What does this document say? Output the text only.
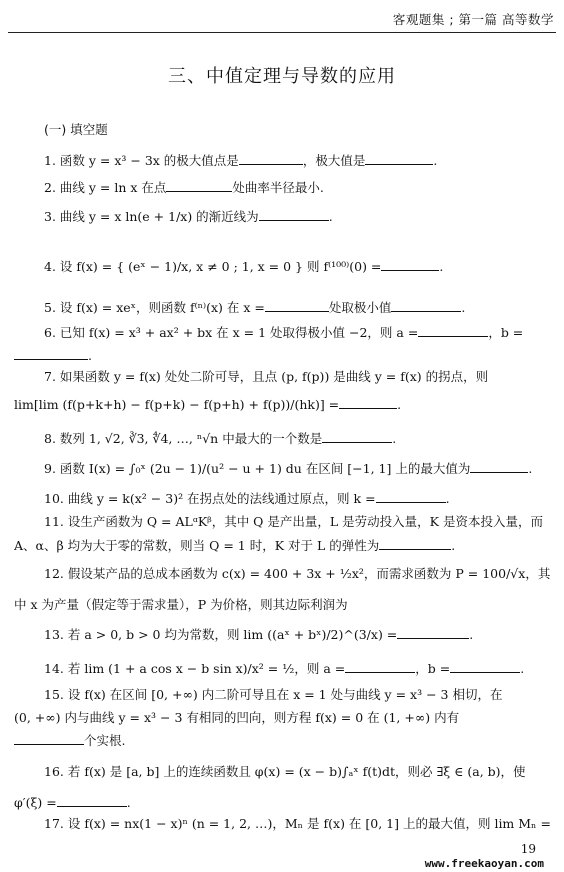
客观题集 ; 第一篇 高等数学
三、中值定理与导数的应用
(一) 填空题
1. 函数 y = x³ − 3x 的极大值点是	，极大值是	.
2. 曲线 y = ln x 在点	处曲率半径最小.
3. 曲线 y = x ln(e + 1/x) 的渐近线为	.
4. 设 f(x) = { (eˣ − 1)/x, x ≠ 0 ; 1, x = 0 } 则 f⁽¹⁰⁰⁾(0) =	.
5. 设 f(x) = xeˣ，则函数 f⁽ⁿ⁾(x) 在 x =	处取极小值	.
6. 已知 f(x) = x³ + ax² + bx 在 x = 1 处取得极小值 −2，则 a =	，b =
.
7. 如果函数 y = f(x) 处处二阶可导，且点 (p, f(p)) 是曲线 y = f(x) 的拐点，则
lim[lim (f(p+k+h) − f(p+k) − f(p+h) + f(p))/(hk)] =	.
8. 数列 1, √2, ∛3, ∜4, …, ⁿ√n 中最大的一个数是	.
9. 函数 I(x) = ∫₀ˣ (2u − 1)/(u² − u + 1) du 在区间 [−1, 1] 上的最大值为	.
10. 曲线 y = k(x² − 3)² 在拐点处的法线通过原点，则 k =	.
11. 设生产函数为 Q = ALᵅKᵝ，其中 Q 是产出量，L 是劳动投入量，K 是资本投入量，而
A、α、β 均为大于零的常数，则当 Q = 1 时，K 对于 L 的弹性为	.
12. 假设某产品的总成本函数为 c(x) = 400 + 3x + ½x²，而需求函数为 P = 100/√x，其
中 x 为产量（假定等于需求量），P 为价格，则其边际利润为
13. 若 a > 0, b > 0 均为常数，则 lim ((aˣ + bˣ)/2)^(3/x) =	.
14. 若 lim (1 + a cos x − b sin x)/x² = ½，则 a =	，b =	.
15. 设 f(x) 在区间 [0, +∞) 内二阶可导且在 x = 1 处与曲线 y = x³ − 3 相切，在
(0, +∞) 内与曲线 y = x³ − 3 有相同的凹向，则方程 f(x) = 0 在 (1, +∞) 内有
个实根.
16. 若 f(x) 是 [a, b] 上的连续函数且 φ(x) = (x − b)∫ₐˣ f(t)dt，则必 ∃ξ ∈ (a, b)，使
φ′(ξ) =	.
17. 设 f(x) = nx(1 − x)ⁿ (n = 1, 2, …)，Mₙ 是 f(x) 在 [0, 1] 上的最大值，则 lim Mₙ =
19
www.freekaoyan.com
